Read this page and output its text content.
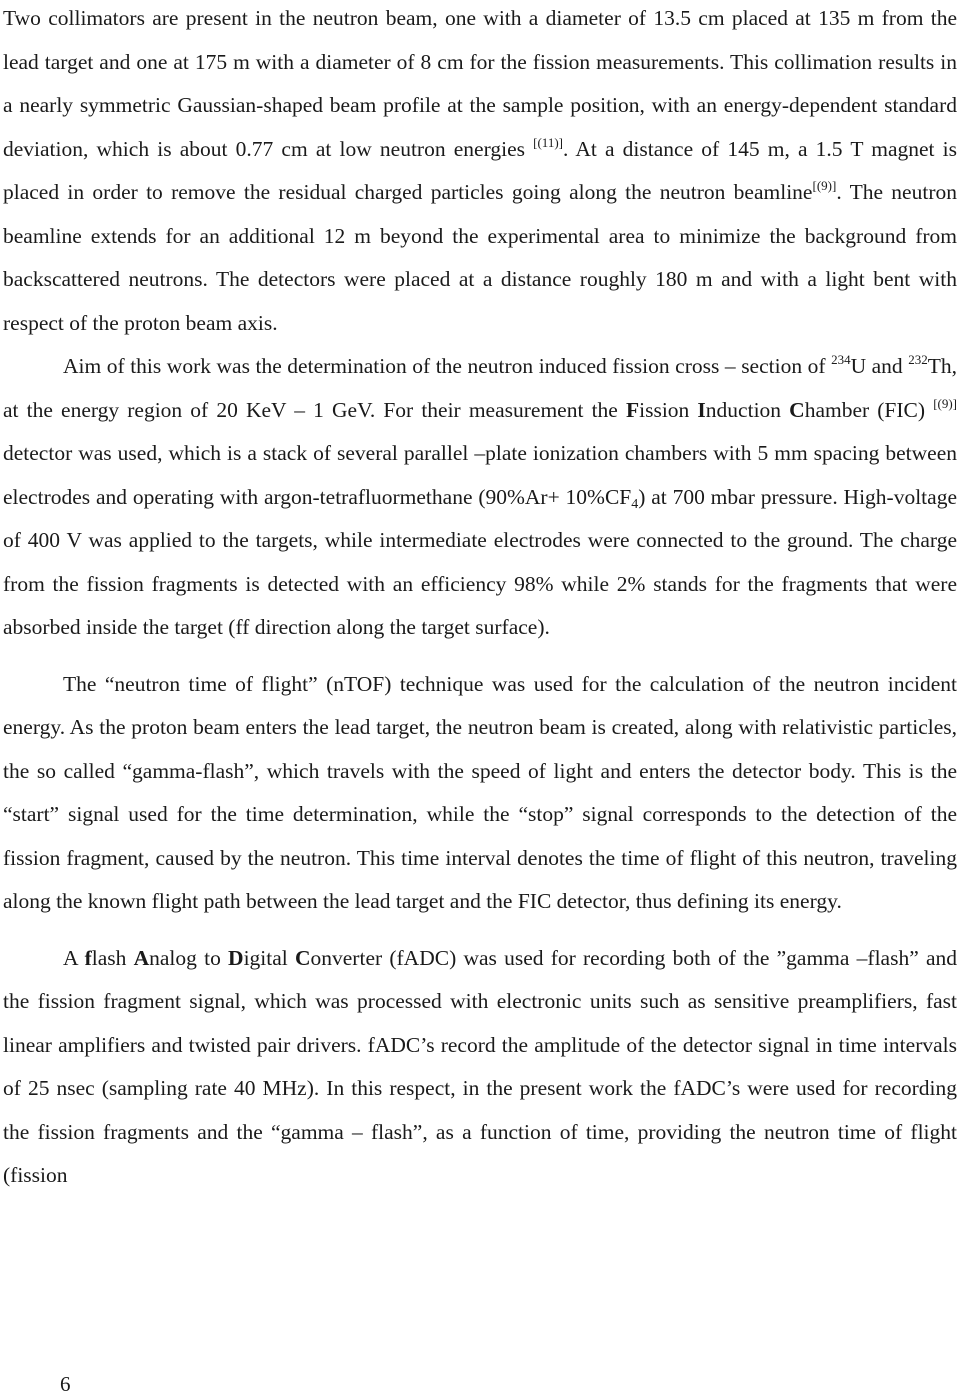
Two collimators are present in the neutron beam, one with a diameter of 13.5 cm placed at 135 m from the lead target and one at 175 m with a diameter of 8 cm for the fission measurements. This collimation results in a nearly symmetric Gaussian-shaped beam profile at the sample position, with an energy-dependent standard deviation, which is about 0.77 cm at low neutron energies [(11)]. At a distance of 145 m, a 1.5 T magnet is placed in order to remove the residual charged particles going along the neutron beamline[(9)]. The neutron beamline extends for an additional 12 m beyond the experimental area to minimize the background from backscattered neutrons. The detectors were placed at a distance roughly 180 m and with a light bent with respect of the proton beam axis.

Aim of this work was the determination of the neutron induced fission cross – section of $^{234}$U and $^{232}$Th, at the energy region of 20 KeV – 1 GeV. For their measurement the Fission Induction Chamber (FIC) [(9)] detector was used, which is a stack of several parallel –plate ionization chambers with 5 mm spacing between electrodes and operating with argon-tetrafluormethane $(90\%Ar+ 10\%CF_4)$ at 700 mbar pressure. High-voltage of 400 V was applied to the targets, while intermediate electrodes were connected to the ground. The charge from the fission fragments is detected with an efficiency 98% while 2% stands for the fragments that were absorbed inside the target (ff direction along the target surface).

The “neutron time of flight” (nTOF) technique was used for the calculation of the neutron incident energy. As the proton beam enters the lead target, the neutron beam is created, along with relativistic particles, the so called “gamma-flash”, which travels with the speed of light and enters the detector body. This is the “start” signal used for the time determination, while the “stop” signal corresponds to the detection of the fission fragment, caused by the neutron. This time interval denotes the time of flight of this neutron, traveling along the known flight path between the lead target and the FIC detector, thus defining its energy.

A flash Analog to Digital Converter (fADC) was used for recording both of the ”gamma –flash” and the fission fragment signal, which was processed with electronic units such as sensitive preamplifiers, fast linear amplifiers and twisted pair drivers. fADC’s record the amplitude of the detector signal in time intervals of 25 nsec (sampling rate 40 MHz). In this respect, in the present work the fADC’s were used for recording the fission fragments and the “gamma – flash”, as a function of time, providing the neutron time of flight (fission

6
